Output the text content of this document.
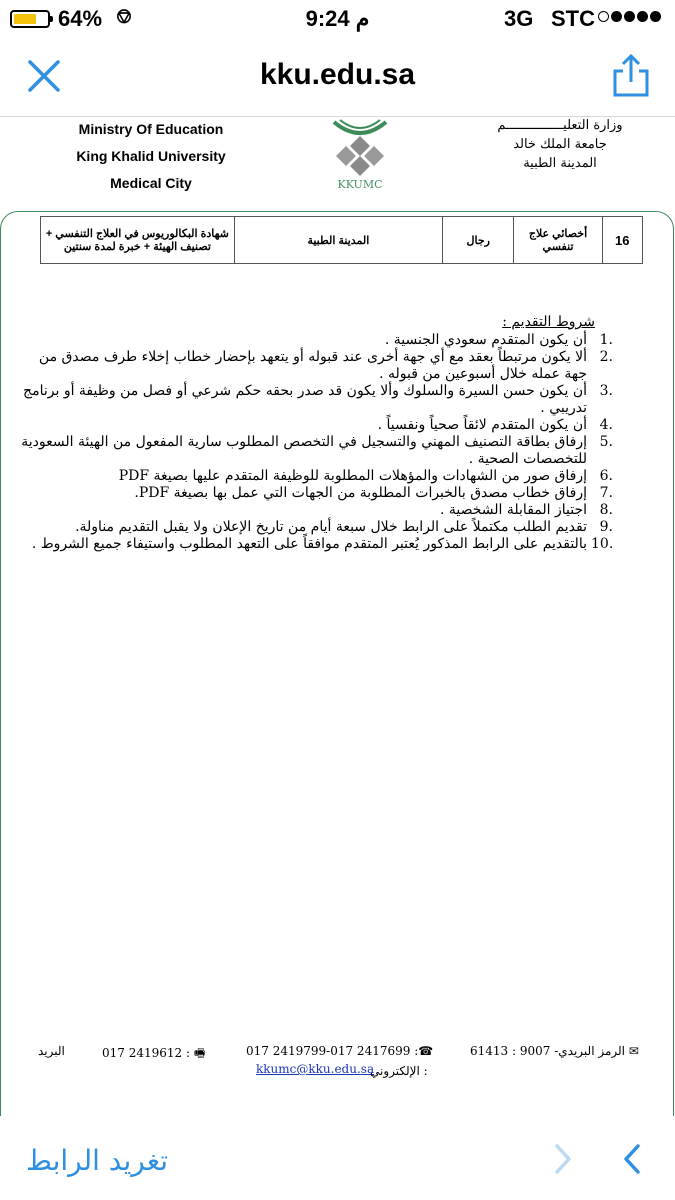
64% ⎊	9:24 م	3G STC
kku.edu.sa
Ministry Of Education
King Khalid University
Medical City	KKUMC
وزارة التعليـــــــــــــــم
جامعة الملك خالد
المدينة الطبية
شهادة البكالوريوس في العلاج التنفسي + تصنيف الهيئة + خبرة لمدة سنتين	المدينة الطبية	رجال	أخصائي علاج تنفسي	16
شروط التقديم :
أن يكون المتقدم سعودي الجنسية . 1.
ألا يكون مرتبطاً بعقد مع أي جهة أخرى عند قبوله أو يتعهد بإحضار خطاب إخلاء طرف مصدق من 2.
جهة عمله خلال أسبوعين من قبوله .
أن يكون حسن السيرة والسلوك وألا يكون قد صدر بحقه حكم شرعي أو فصل من وظيفة أو برنامج 3.
تدريبي .
أن يكون المتقدم لائقاً صحياً ونفسياً . 4.
إرفاق بطاقة التصنيف المهني والتسجيل في التخصص المطلوب سارية المفعول من الهيئة السعودية 5.
للتخصصات الصحية .
إرفاق صور من الشهادات والمؤهلات المطلوبة للوظيفة المتقدم عليها بصيغة PDF 6.
إرفاق خطاب مصدق بالخبرات المطلوبة من الجهات التي عمل بها بصيغة PDF. 7.
اجتياز المقابلة الشخصية . 8.
تقديم الطلب مكتملاً على الرابط خلال سبعة أيام من تاريخ الإعلان ولا يقبل التقديم مناولة. 9.
بالتقديم على الرابط المذكور يُعتبر المتقدم موافقاً على التعهد المطلوب واستيفاء جميع الشروط . 10.
البريد	017 2419612 : 🖷	017 2419799-017 2417699 :☎	61413 : الرمز البريدي- 9007 ✉
kkumc@kku.edu.sa
الإلكتروني :
تغريد الرابط
